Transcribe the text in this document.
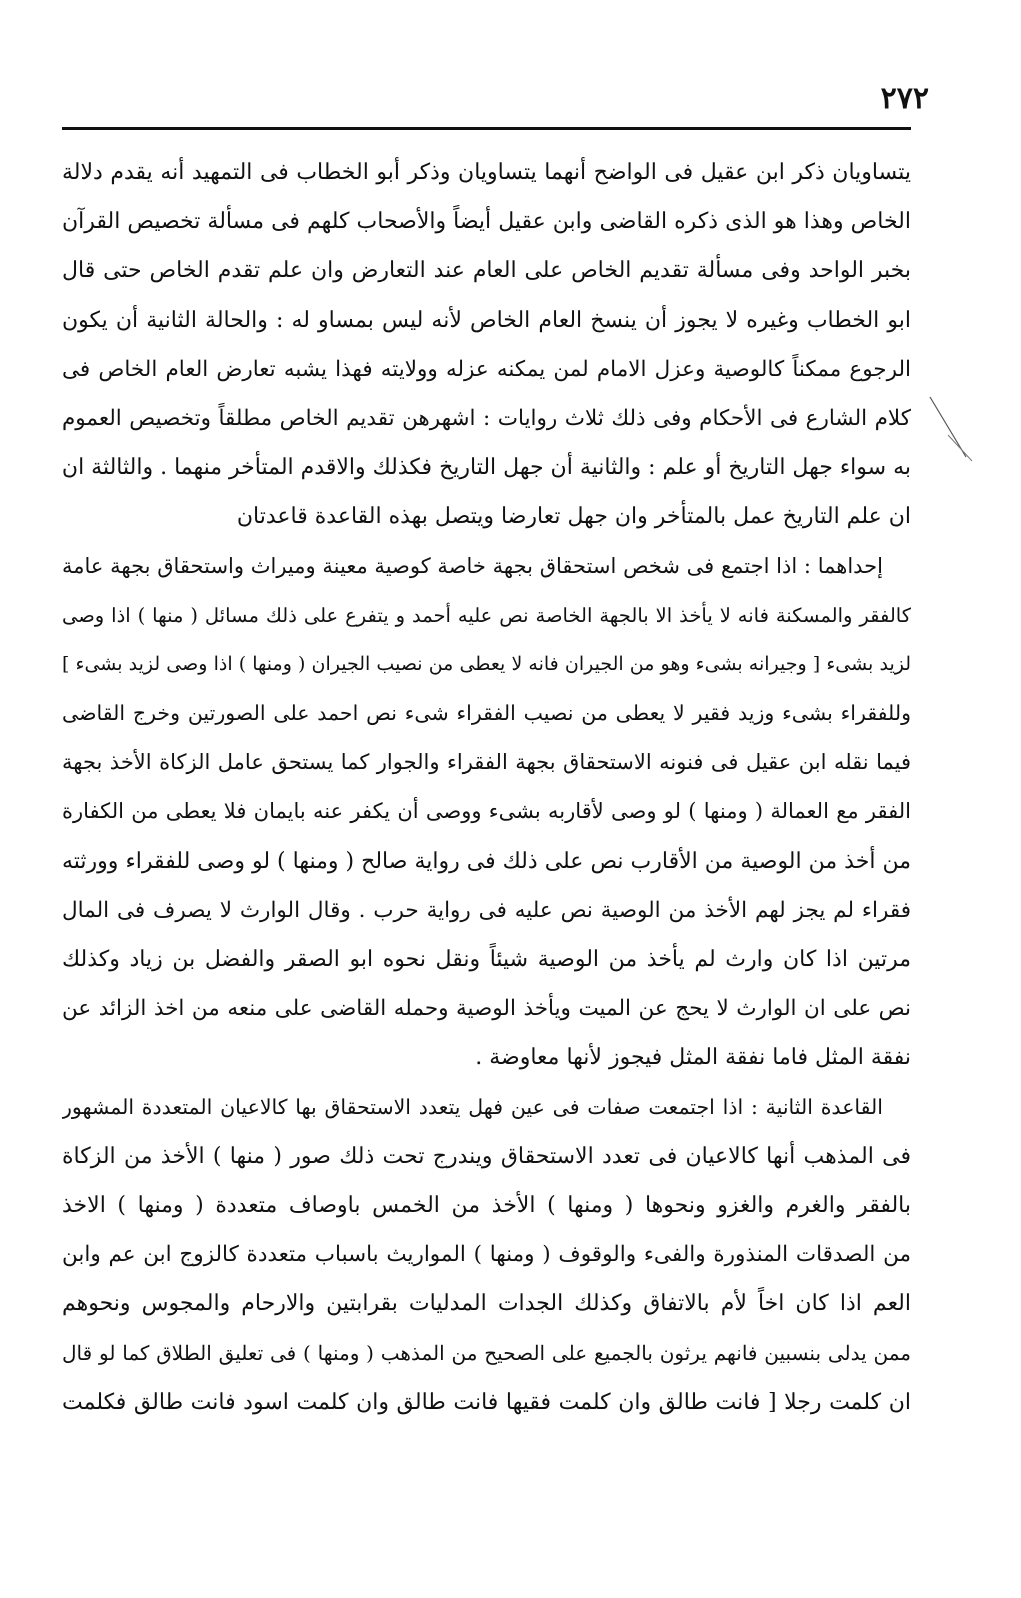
۲۷۲
يتساويان ذكر ابن عقيل فى الواضح أنهما يتساويان وذكر أبو الخطاب فى التمهيد أنه يقدم دلالة
الخاص وهذا هو الذى ذكره القاضى وابن عقيل أيضاً والأصحاب كلهم فى مسألة تخصيص القرآن
بخبر الواحد وفى مسألة تقديم الخاص على العام عند التعارض وان علم تقدم الخاص حتى قال
ابو الخطاب وغيره لا يجوز أن ينسخ العام الخاص لأنه ليس بمساو له : والحالة الثانية أن يكون
الرجوع ممكناً كالوصية وعزل الامام لمن يمكنه عزله وولايته فهذا يشبه تعارض العام الخاص فى
كلام الشارع فى الأحكام وفى ذلك ثلاث روايات : اشهرهن تقديم الخاص مطلقاً وتخصيص العموم
به سواء جهل التاريخ أو علم : والثانية أن جهل التاريخ فكذلك والاقدم المتأخر منهما . والثالثة ان
ان علم التاريخ عمل بالمتأخر وان جهل تعارضا ويتصل بهذه القاعدة قاعدتان
إحداهما : اذا اجتمع فى شخص استحقاق بجهة خاصة كوصية معينة وميراث واستحقاق بجهة عامة
كالفقر والمسكنة فانه لا يأخذ الا بالجهة الخاصة نص عليه أحمد و يتفرع على ذلك مسائل ( منها ) اذا وصى
لزيد بشىء [ وجيرانه بشىء وهو من الجيران فانه لا يعطى من نصيب الجيران ( ومنها ) اذا وصى لزيد بشىء ]
وللفقراء بشىء وزيد فقير لا يعطى من نصيب الفقراء شىء نص احمد على الصورتين وخرج القاضى
فيما نقله ابن عقيل فى فنونه الاستحقاق بجهة الفقراء والجوار كما يستحق عامل الزكاة الأخذ بجهة
الفقر مع العمالة ( ومنها ) لو وصى لأقاربه بشىء ووصى أن يكفر عنه بايمان فلا يعطى من الكفارة
من أخذ من الوصية من الأقارب نص على ذلك فى رواية صالح ( ومنها ) لو وصى للفقراء وورثته
فقراء لم يجز لهم الأخذ من الوصية نص عليه فى رواية حرب . وقال الوارث لا يصرف فى المال
مرتين اذا كان وارث لم يأخذ من الوصية شيئاً ونقل نحوه ابو الصقر والفضل بن زياد وكذلك
نص على ان الوارث لا يحج عن الميت ويأخذ الوصية وحمله القاضى على منعه من اخذ الزائد عن
نفقة المثل فاما نفقة المثل فيجوز لأنها معاوضة .
القاعدة الثانية : اذا اجتمعت صفات فى عين فهل يتعدد الاستحقاق بها كالاعيان المتعددة المشهور
فى المذهب أنها كالاعيان فى تعدد الاستحقاق ويندرج تحت ذلك صور ( منها ) الأخذ من الزكاة
بالفقر والغرم والغزو ونحوها ( ومنها ) الأخذ من الخمس باوصاف متعددة ( ومنها ) الاخذ
من الصدقات المنذورة والفىء والوقوف ( ومنها ) المواريث باسباب متعددة كالزوج ابن عم وابن
العم اذا كان اخاً لأم بالاتفاق وكذلك الجدات المدليات بقرابتين والارحام والمجوس ونحوهم
ممن يدلى بنسبين فانهم يرثون بالجميع على الصحيح من المذهب ( ومنها ) فى تعليق الطلاق كما لو قال
ان كلمت رجلا [ فانت طالق وان كلمت فقيها فانت طالق وان كلمت اسود فانت طالق فكلمت
